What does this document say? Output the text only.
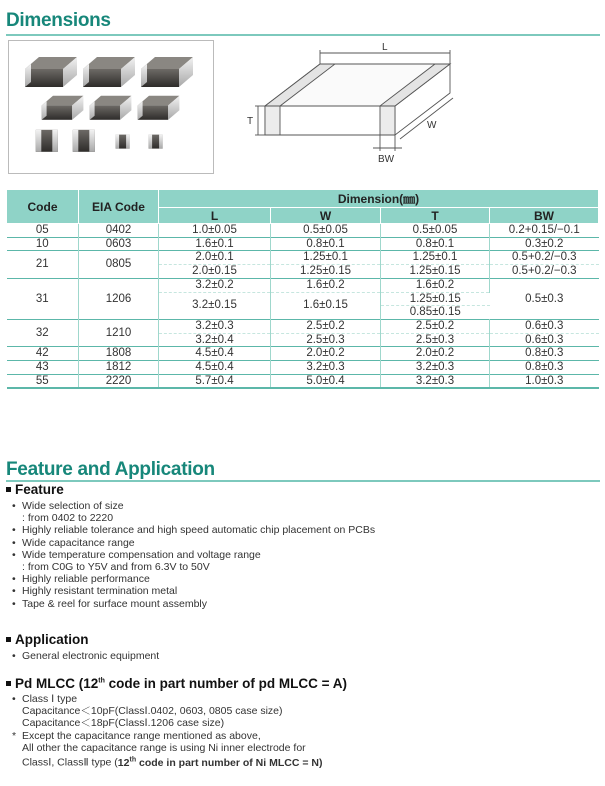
Dimensions
L
T	W
BW
Code	EIA Code	Dimension(㎜)			
		L	W	T	BW
05	0402	1.0±0.05	0.5±0.05	0.5±0.05	0.2+0.15/−0.1
10	0603	1.6±0.1	0.8±0.1	0.8±0.1	0.3±0.2
21	0805	2.0±0.1	1.25±0.1	1.25±0.1	0.5+0.2/−0.3
		2.0±0.15	1.25±0.15	1.25±0.15	0.5+0.2/−0.3
31	1206	3.2±0.2	1.6±0.2	1.6±0.2	0.5±0.3
		3.2±0.15	1.6±0.15	1.25±0.15	
				0.85±0.15	
32	1210	3.2±0.3	2.5±0.2	2.5±0.2	0.6±0.3
		3.2±0.4	2.5±0.3	2.5±0.3	0.6±0.3
42	1808	4.5±0.4	2.0±0.2	2.0±0.2	0.8±0.3
43	1812	4.5±0.4	3.2±0.3	3.2±0.3	0.8±0.3
55	2220	5.7±0.4	5.0±0.4	3.2±0.3	1.0±0.3
Feature and Application
Feature
• Wide selection of size
: from 0402 to 2220
• Highly reliable tolerance and high speed automatic chip placement on PCBs
• Wide capacitance range
• Wide temperature compensation and voltage range
: from C0G to Y5V and from 6.3V to 50V
• Highly reliable performance
• Highly resistant termination metal
• Tape & reel for surface mount assembly
Application
• General electronic equipment
Pd MLCC (12th code in part number of pd MLCC = A)
• Class Ⅰ type
Capacitance＜10pF(ClassⅠ.0402, 0603, 0805 case size)
Capacitance＜18pF(ClassⅠ.1206 case size)
* Except the capacitance range mentioned as above,
All other the capacitance range is using Ni inner electrode for
ClassⅠ, ClassⅡ type (12th code in part number of Ni MLCC = N)
